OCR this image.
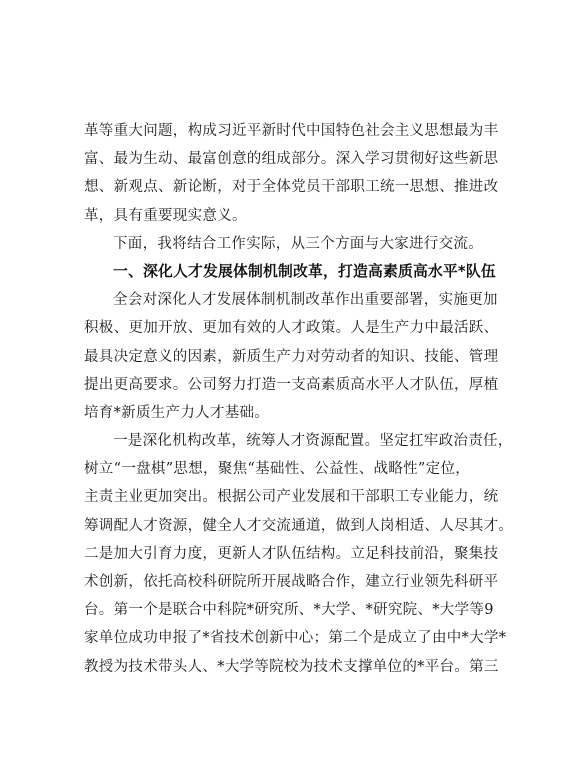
革等重大问题，构成习近平新时代中国特色社会主义思想最为丰
富、最为生动、最富创意的组成部分。深入学习贯彻好这些新思
想、新观点、新论断，对于全体党员干部职工统一思想、推进改
革，具有重要现实意义。
下面，我将结合工作实际，从三个方面与大家进行交流。
一、深化人才发展体制机制改革，打造高素质高水平*队伍
全会对深化人才发展体制机制改革作出重要部署，实施更加
积极、更加开放、更加有效的人才政策。人是生产力中最活跃、
最具决定意义的因素，新质生产力对劳动者的知识、技能、管理
提出更高要求。公司努力打造一支高素质高水平人才队伍，厚植
培育*新质生产力人才基础。
一是深化机构改革，统筹人才资源配置。坚定扛牢政治责任，
树立“一盘棋”思想，聚焦“基础性、公益性、战略性”定位，
主责主业更加突出。根据公司产业发展和干部职工专业能力，统
筹调配人才资源，健全人才交流通道，做到人岗相适、人尽其才。
二是加大引育力度，更新人才队伍结构。立足科技前沿，聚集技
术创新，依托高校科研院所开展战略合作，建立行业领先科研平
台。第一个是联合中科院*研究所、*大学、*研究院、*大学等9
家单位成功申报了*省技术创新中心；第二个是成立了由中*大学*
教授为技术带头人、*大学等院校为技术支撑单位的*平台。第三
